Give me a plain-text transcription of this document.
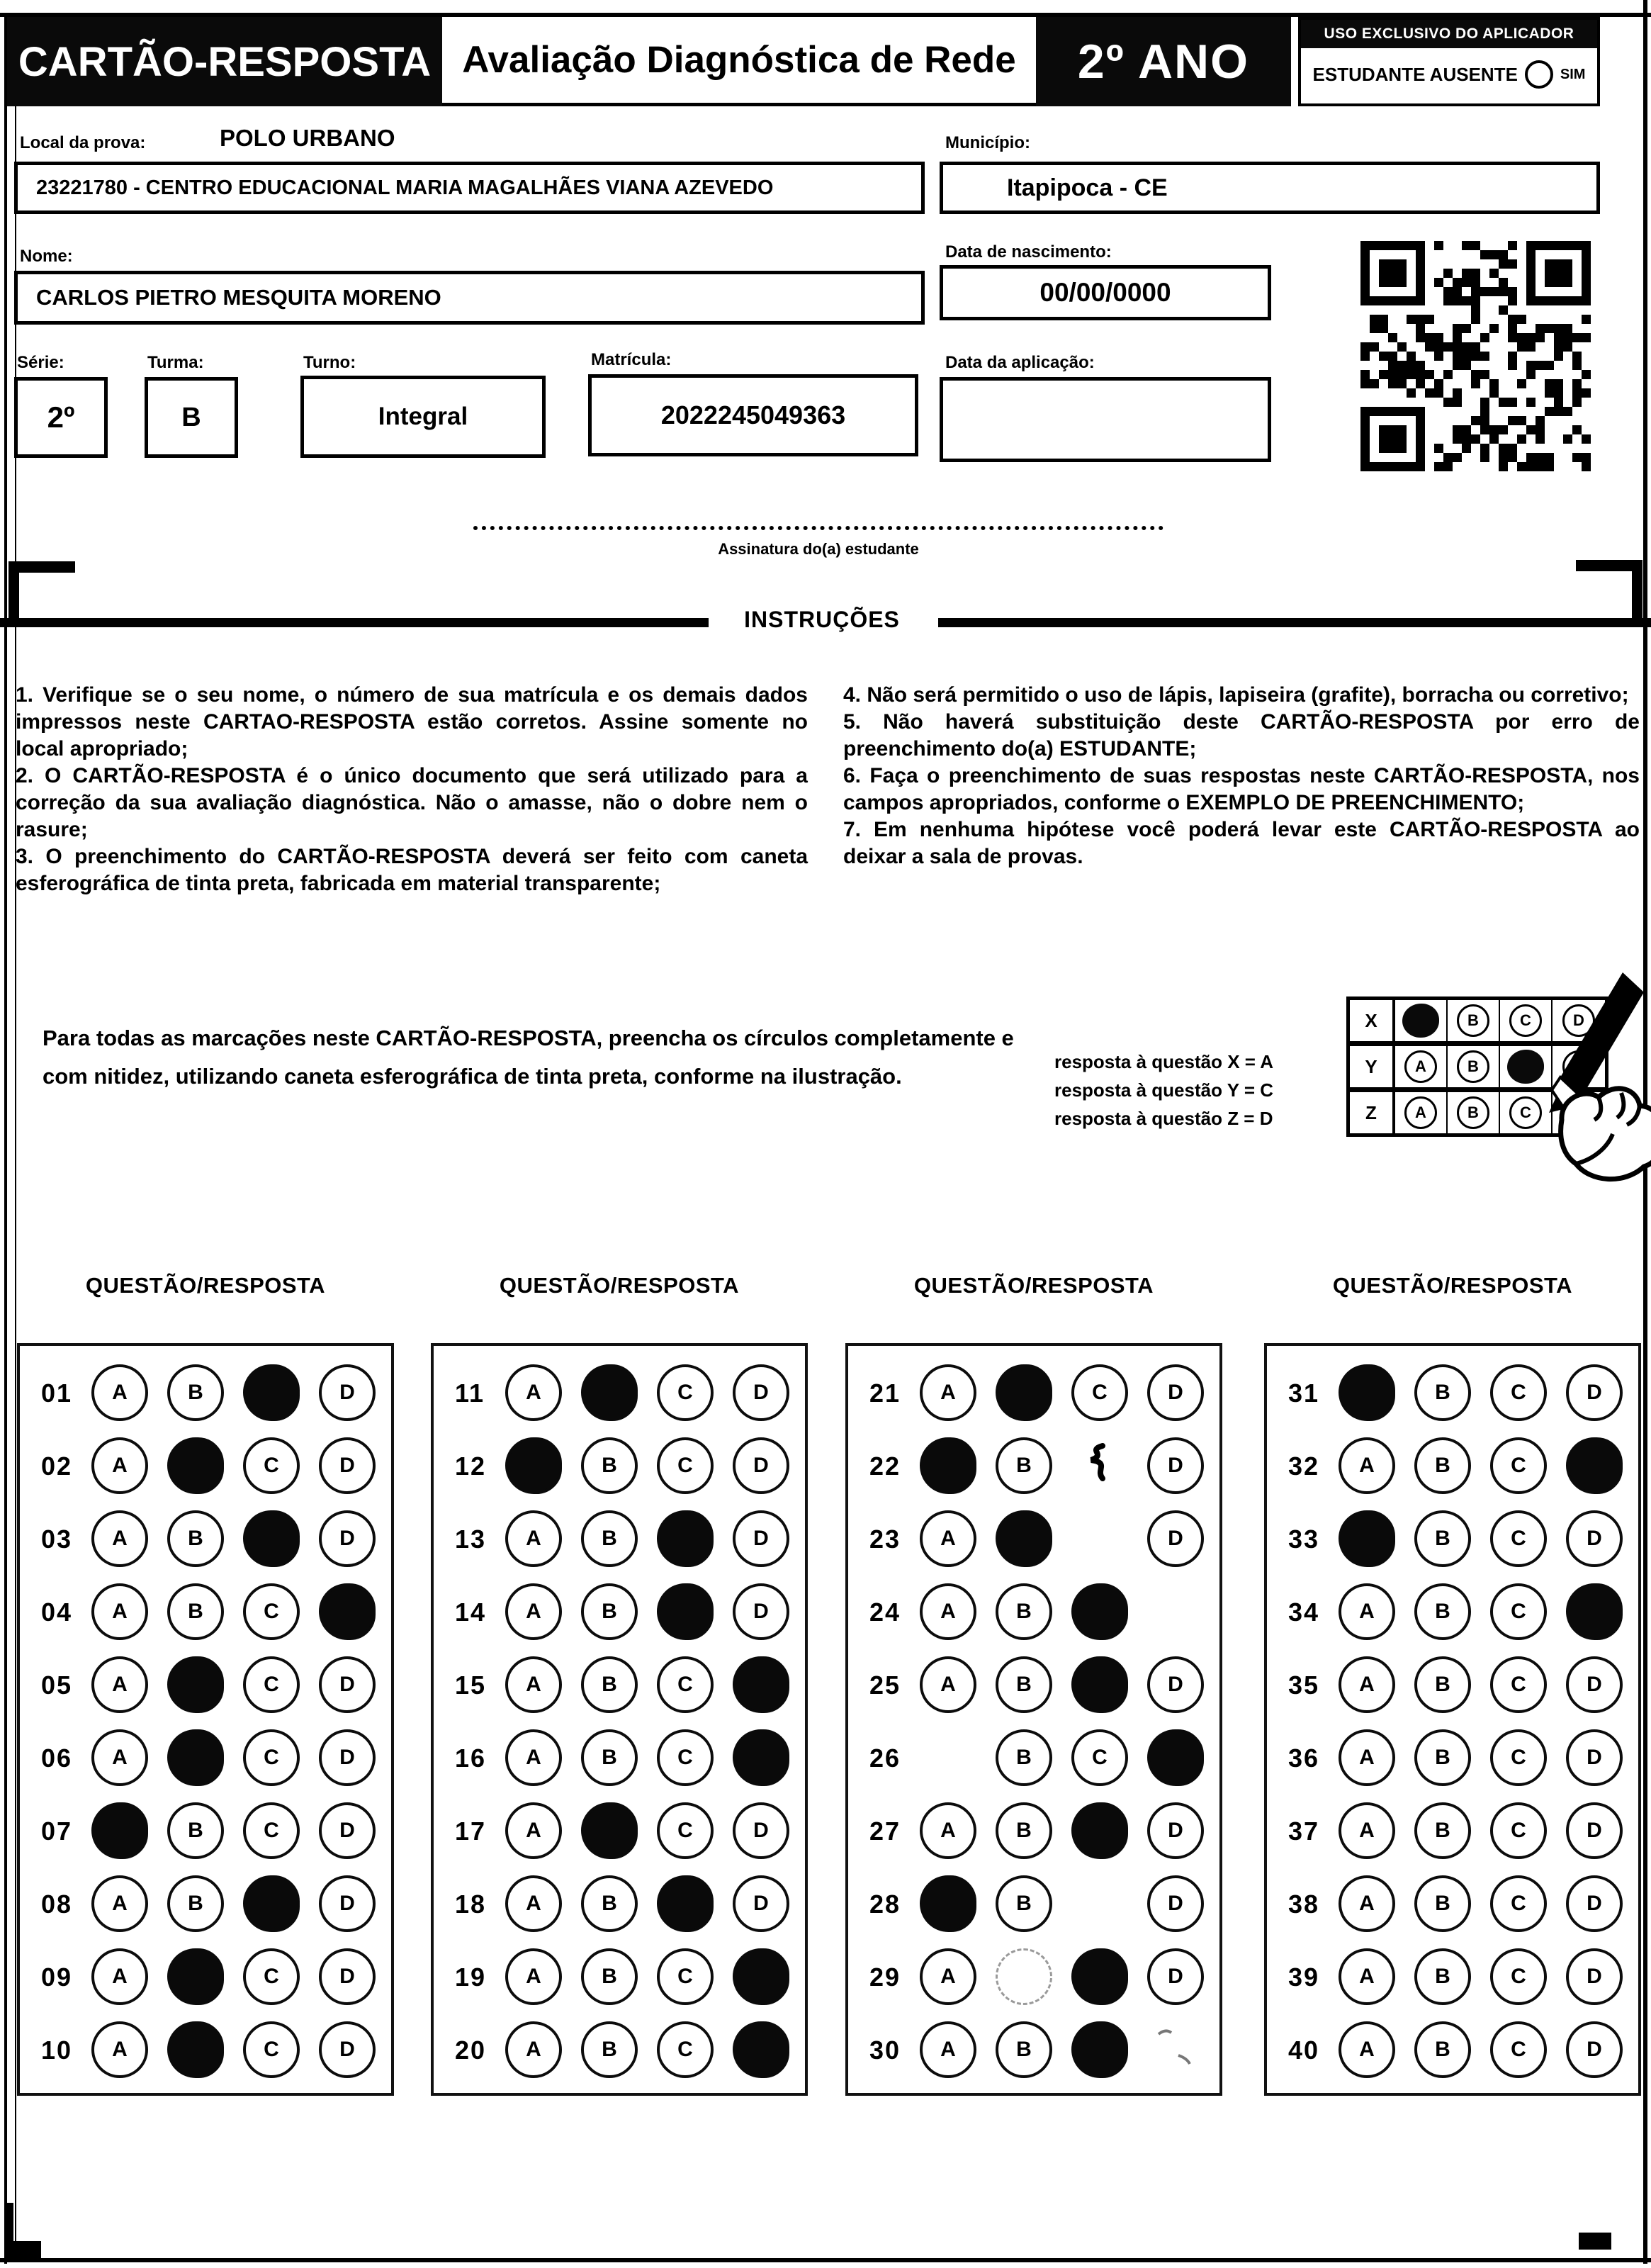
CARTÃO-RESPOSTA Avaliação Diagnóstica de Rede 2º ANO
USO EXCLUSIVO DO APLICADOR
ESTUDANTE AUSENTE	SIM
Local da prova:	POLO URBANO
23221780 - CENTRO EDUCACIONAL MARIA MAGALHÃES VIANA AZEVEDO
Município:
Itapipoca - CE
Nome:
CARLOS PIETRO MESQUITA MORENO
Data de nascimento:
00/00/0000
Série:
2º
Turma:
B
Turno:
Integral
Matrícula:
2022245049363
Data da aplicação:
Assinatura do(a) estudante
INSTRUÇÕES

1. Verifique se o seu nome, o número de sua matrícula e os demais dados impressos neste CARTAO-RESPOSTA estão corretos. Assine somente no local apropriado;

2. O CARTÃO-RESPOSTA é o único documento que será utilizado para a correção da sua avaliação diagnóstica. Não o amasse, não o dobre nem o rasure;

3. O preenchimento do CARTÃO-RESPOSTA deverá ser feito com caneta esferográfica de tinta preta, fabricada em material transparente;

4. Não será permitido o uso de lápis, lapiseira (grafite), borracha ou corretivo;

5. Não haverá substituição deste CARTÃO-RESPOSTA por erro de preenchimento do(a) ESTUDANTE;

6. Faça o preenchimento de suas respostas neste CARTÃO-RESPOSTA, nos campos apropriados, conforme o EXEMPLO DE PREENCHIMENTO;

7. Em nenhuma hipótese você poderá levar este CARTÃO-RESPOSTA ao deixar a sala de provas.

Para todas as marcações neste CARTÃO-RESPOSTA, preencha os círculos completamente e com nitidez, utilizando caneta esferográfica de tinta preta, conforme na ilustração.
resposta à questão X = A
resposta à questão Y = C
resposta à questão Z = D
X	B	C	D
Y	A	B
Z	A	B	C
QUESTÃO/RESPOSTA
01	A	B	D
02	A	C	D
03	A	B	D
04	A	B	C
05	A	C	D
06	A	C	D
07	B	C	D
08	A	B	D
09	A	C	D
10	A	C	D
QUESTÃO/RESPOSTA
11	A	C	D
12	B	C	D
13	A	B	D
14	A	B	D
15	A	B	C
16	A	B	C
17	A	C	D
18	A	B	D
19	A	B	C
20	A	B	C
QUESTÃO/RESPOSTA
21	A	C	D
22	B	D
23	A	D
24	A	B
25	A	B	D
26	B	C
27	A	B	D
28	B	D
29	A	D
30	A	B
QUESTÃO/RESPOSTA
31	B	C	D
32	A	B	C
33	B	C	D
34	A	B	C
35	A	B	C	D
36	A	B	C	D
37	A	B	C	D
38	A	B	C	D
39	A	B	C	D
40	A	B	C	D
